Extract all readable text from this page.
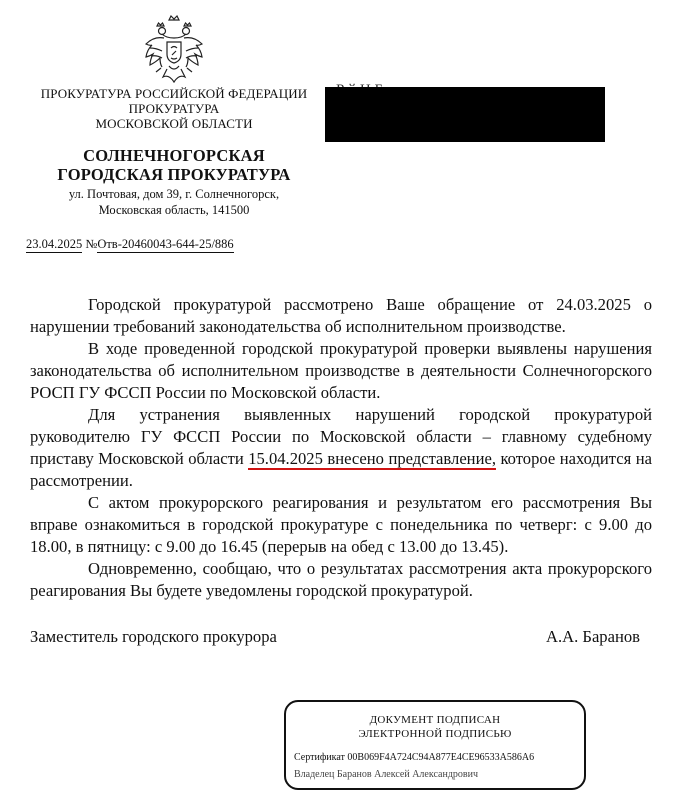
ПРОКУРАТУРА РОССИЙСКОЙ ФЕДЕРАЦИИ
ПРОКУРАТУРА
МОСКОВСКОЙ ОБЛАСТИ
СОЛНЕЧНОГОРСКАЯ
ГОРОДСКАЯ ПРОКУРАТУРА
ул. Почтовая, дом 39, г. Солнечногорск,
Московская область, 141500
23.04.2025 №Отв-20460043-644-25/886

Городской прокуратурой рассмотрено Ваше обращение от 24.03.2025 о нарушении требований законодательства об исполнительном производстве.

В ходе проведенной городской прокуратурой проверки выявлены нарушения законодательства об исполнительном производстве в деятельности Солнечногорского РОСП ГУ ФССП России по Московской области.

Для устранения выявленных нарушений городской прокуратурой руководителю ГУ ФССП России по Московской области – главному судебному приставу Московской области 15.04.2025 внесено представление, которое находится на рассмотрении.

С актом прокурорского реагирования и результатом его рассмотрения Вы вправе ознакомиться в городской прокуратуре с понедельника по четверг: с 9.00 до 18.00, в пятницу: с 9.00 до 16.45 (перерыв на обед с 13.00 до 13.45).

Одновременно, сообщаю, что о результатах рассмотрения акта прокурорского реагирования Вы будете уведомлены городской прокуратурой.

Заместитель городского прокурора	А.А. Баранов
ДОКУМЕНТ ПОДПИСАН
ЭЛЕКТРОННОЙ ПОДПИСЬЮ
Сертификат 00B069F4A724C94A877E4CE96533A586A6
Владелец Баранов Алексей Александрович
